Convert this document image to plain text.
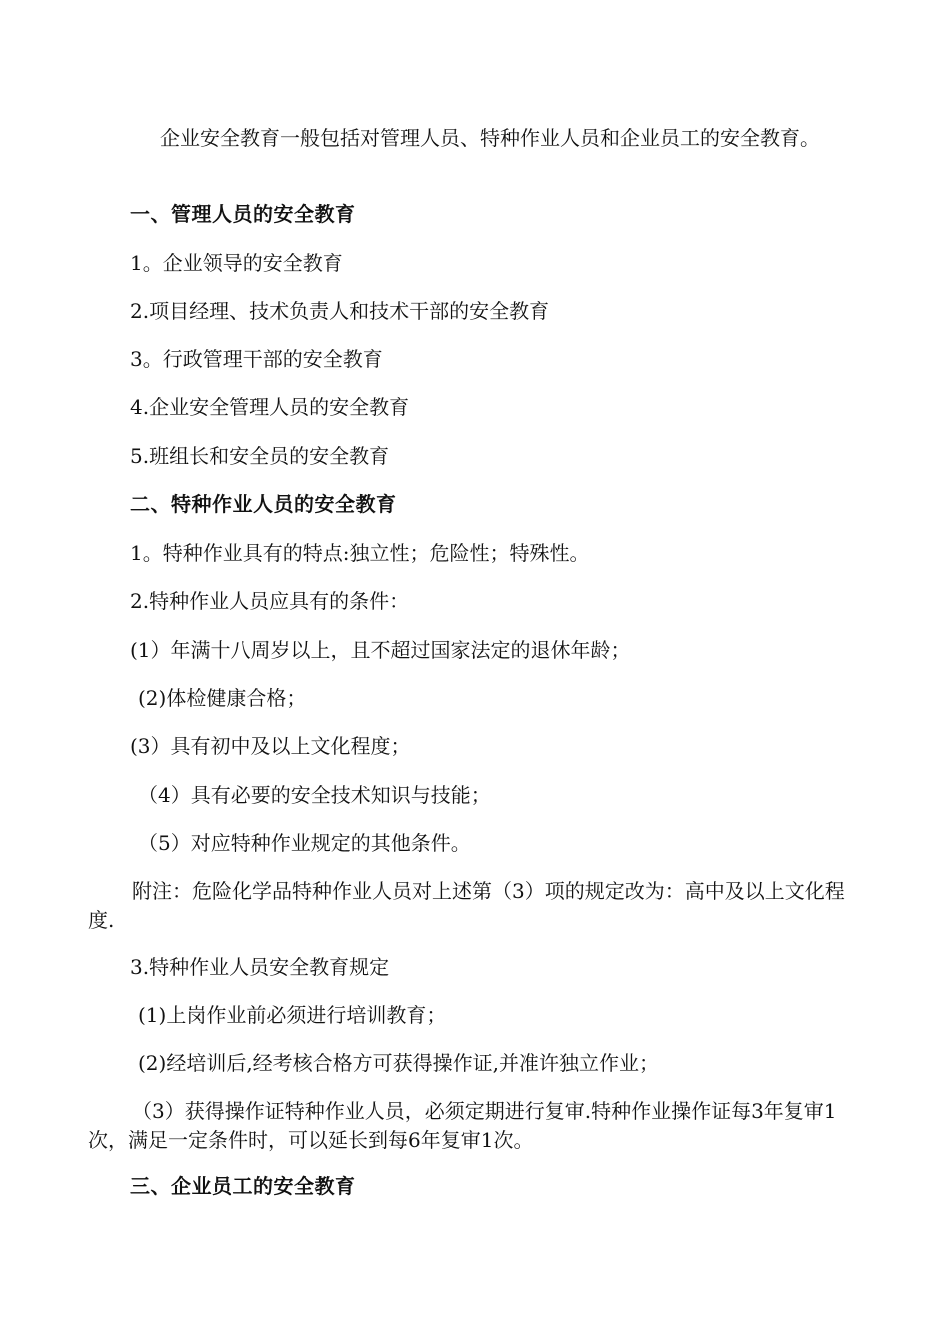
企业安全教育一般包括对管理人员、特种作业人员和企业员工的安全教育。

一、管理人员的安全教育

1。企业领导的安全教育

2.项目经理、技术负责人和技术干部的安全教育

3。行政管理干部的安全教育

4.企业安全管理人员的安全教育

5.班组长和安全员的安全教育

二、特种作业人员的安全教育

1。特种作业具有的特点:独立性；危险性；特殊性。

2.特种作业人员应具有的条件：

(1）年满十八周岁以上，且不超过国家法定的退休年龄；

(2)体检健康合格；

(3）具有初中及以上文化程度；

（4）具有必要的安全技术知识与技能；

（5）对应特种作业规定的其他条件。

附注：危险化学品特种作业人员对上述第（3）项的规定改为：高中及以上文化程度.

3.特种作业人员安全教育规定

(1)上岗作业前必须进行培训教育；

(2)经培训后,经考核合格方可获得操作证,并准许独立作业；

（3）获得操作证特种作业人员，必须定期进行复审.特种作业操作证每3年复审1次，满足一定条件时，可以延长到每6年复审1次。

三、企业员工的安全教育
